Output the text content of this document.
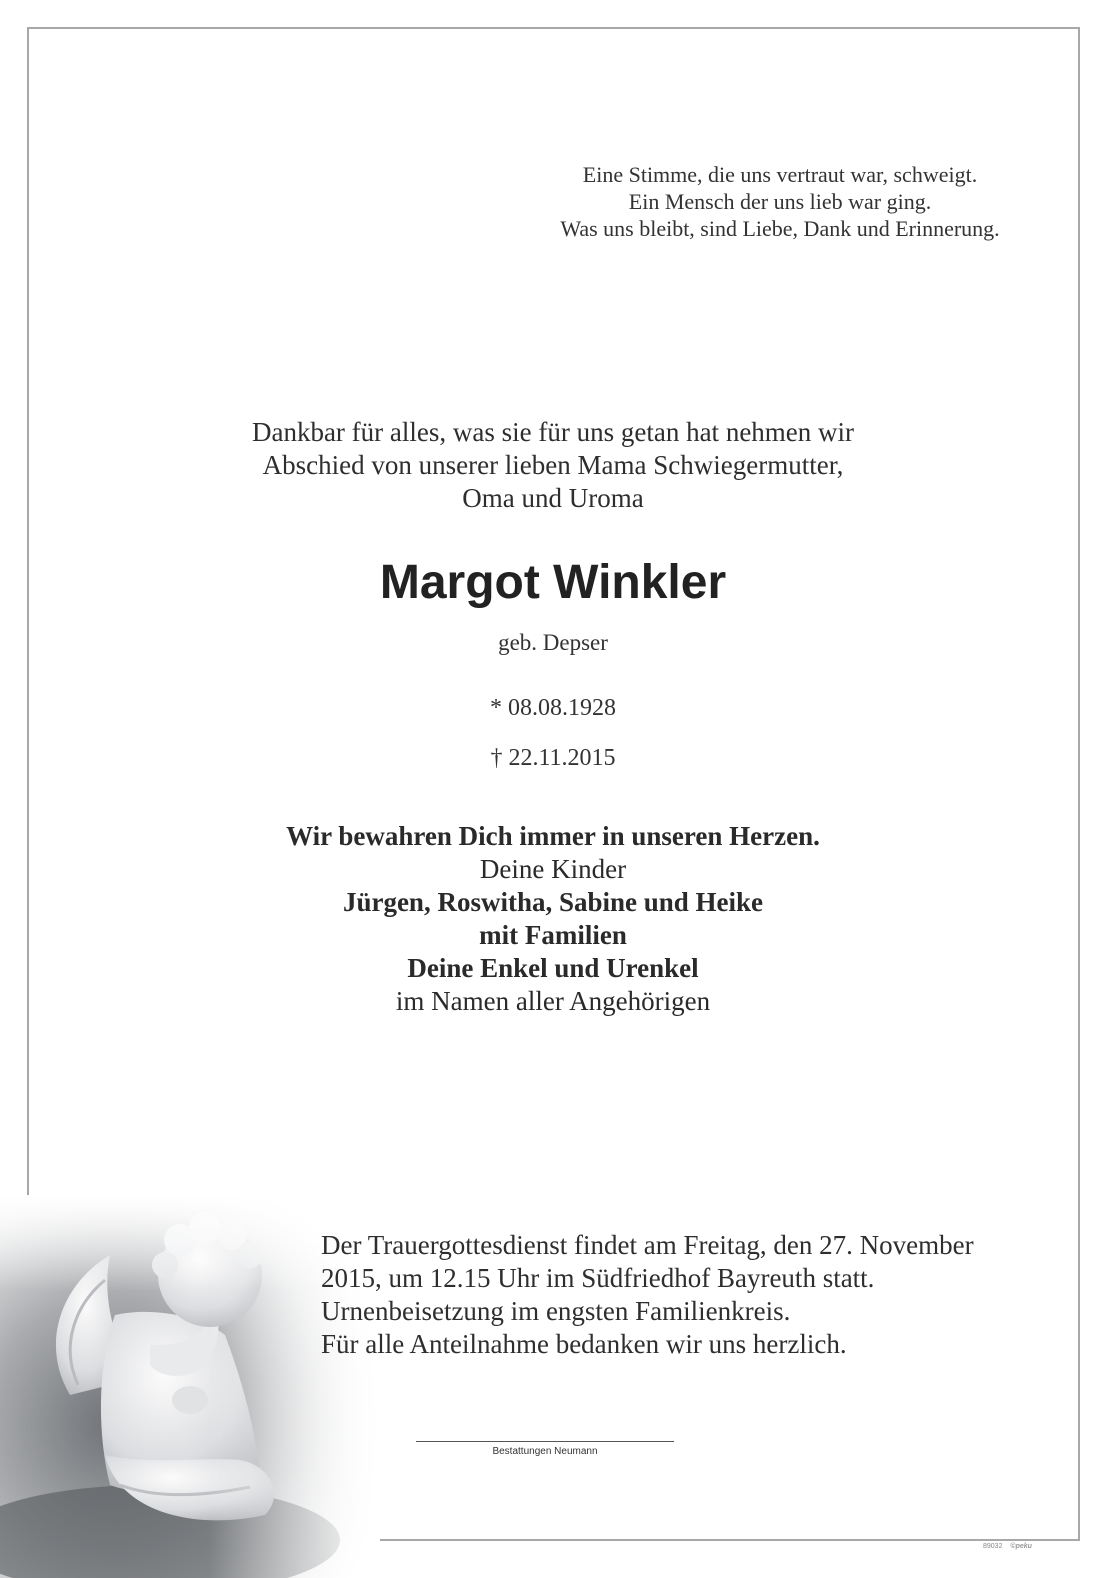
Eine Stimme, die uns vertraut war, schweigt.
Ein Mensch der uns lieb war ging.
Was uns bleibt, sind Liebe, Dank und Erinnerung.
Dankbar für alles, was sie für uns getan hat nehmen wir
Abschied von unserer lieben Mama Schwiegermutter,
Oma und Uroma
Margot Winkler
geb. Depser
* 08.08.1928
† 22.11.2015
Wir bewahren Dich immer in unseren Herzen.
Deine Kinder
Jürgen, Roswitha, Sabine und Heike
mit Familien
Deine Enkel und Urenkel
im Namen aller Angehörigen
Der Trauergottesdienst findet am Freitag, den 27. November
2015, um 12.15 Uhr im Südfriedhof Bayreuth statt.
Urnenbeisetzung im engsten Familienkreis.
Für alle Anteilnahme bedanken wir uns herzlich.
Bestattungen Neumann
89032 ©peku
